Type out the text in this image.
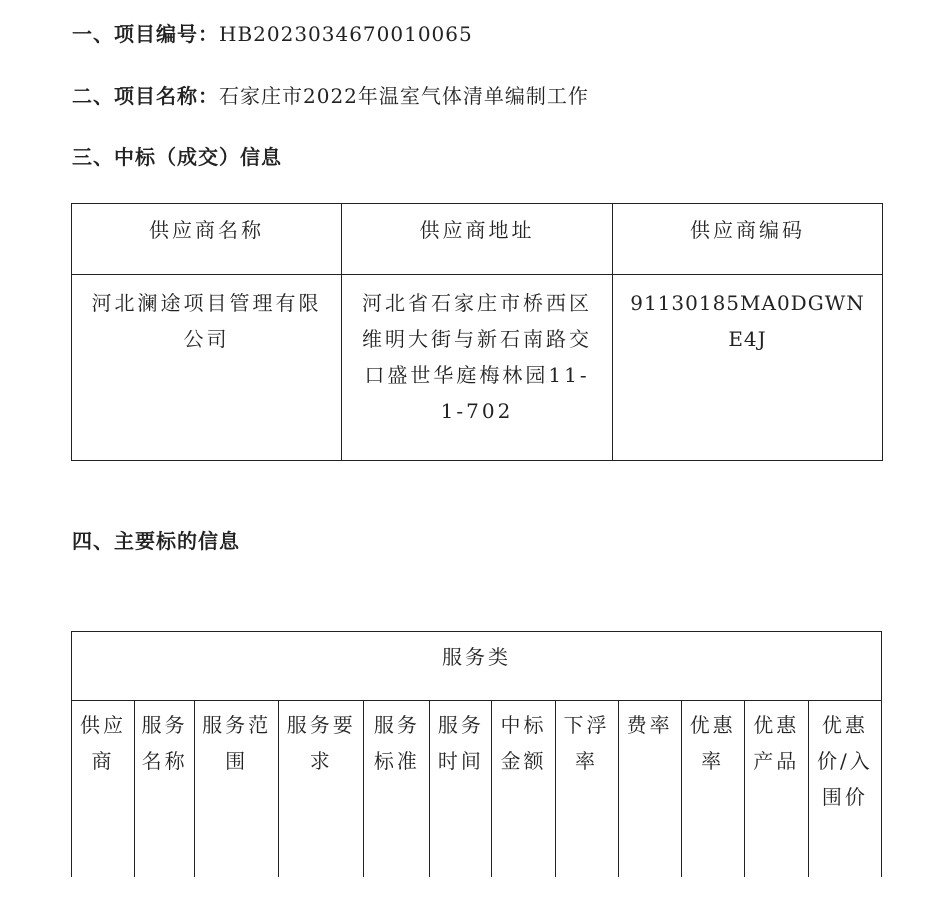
一、项目编号：HB2023034670010065
二、项目名称：石家庄市2022年温室气体清单编制工作
三、中标（成交）信息
供应商名称	供应商地址	供应商编码
河北澜途项目管理有限公司	河北省石家庄市桥西区维明大街与新石南路交口盛世华庭梅林园11-1-702	91130185MA0DGWNE4J
四、主要标的信息
服务类
供应商	服务名称	服务范围	服务要求	服务标准	服务时间	中标金额	下浮率	费率	优惠率	优惠产品	优惠价/入围价
